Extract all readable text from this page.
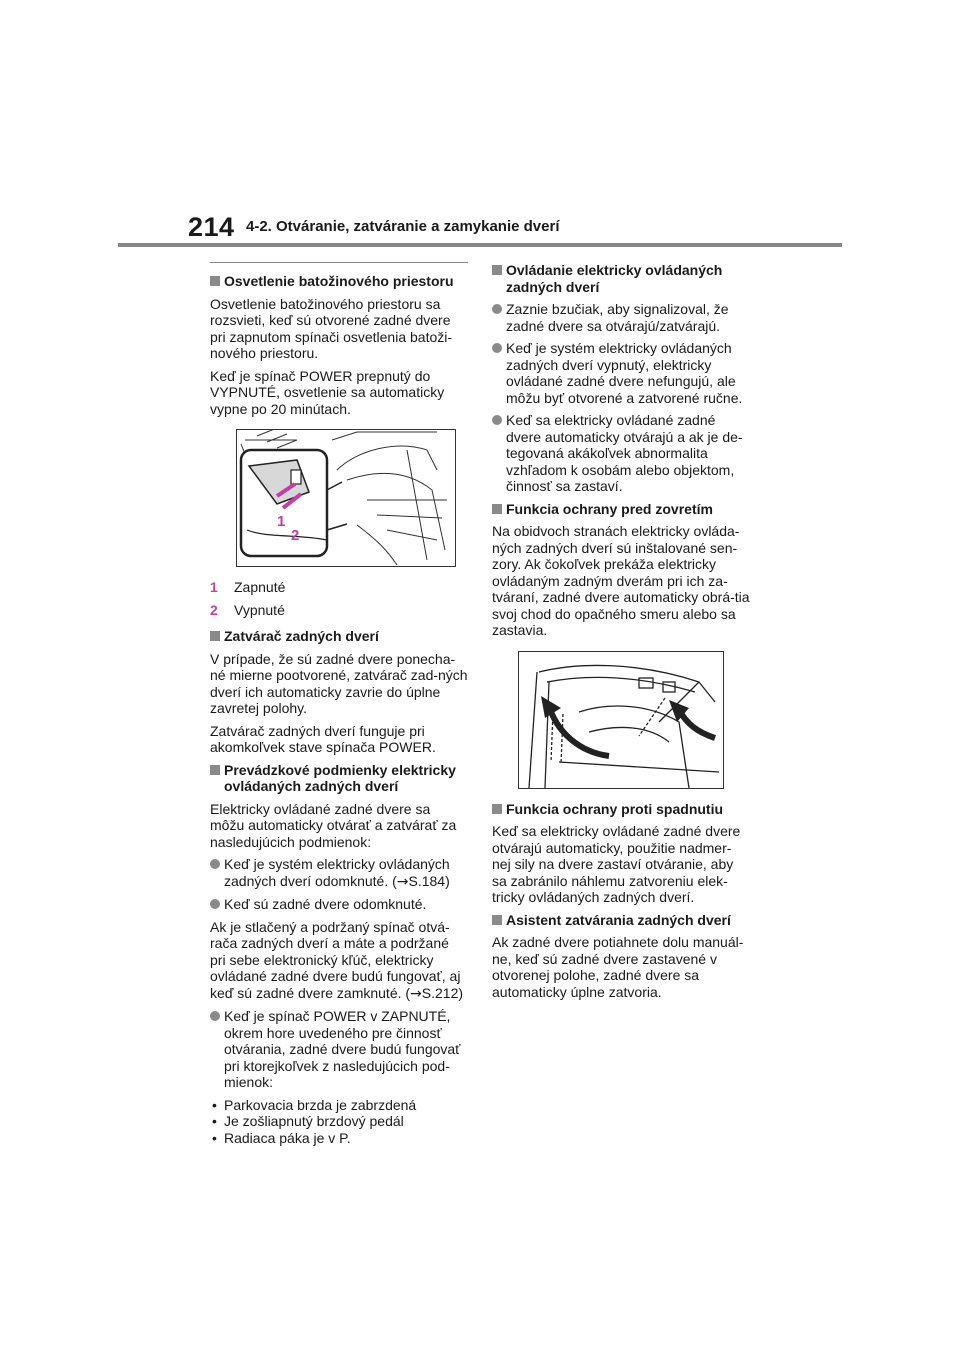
214 4-2. Otváranie, zatváranie a zamykanie dverí
Osvetlenie batožinového priestoru

Osvetlenie batožinového priestoru sa rozsvieti, keď sú otvorené zadné dvere pri zapnutom spínači osvetlenia batoži-nového priestoru.

Keď je spínač POWER prepnutý do VYPNUTÉ, osvetlenie sa automaticky vypne po 20 minútach.

1
2
1	Zapnuté
2	Vypnuté
Zatvárač zadných dverí

V prípade, že sú zadné dvere ponecha-né mierne pootvorené, zatvárač zad-ných dverí ich automaticky zavrie do úplne zavretej polohy.

Zatvárač zadných dverí funguje pri akomkoľvek stave spínača POWER.

Prevádzkové podmienky elektricky ovládaných zadných dverí

Elektricky ovládané zadné dvere sa môžu automaticky otvárať a zatvárať za nasledujúcich podmienok:

Keď je systém elektricky ovládaných zadných dverí odomknuté. (→S.184)
Keď sú zadné dvere odomknuté.

Ak je stlačený a podržaný spínač otvá-rača zadných dverí a máte a podržané pri sebe elektronický kľúč, elektricky ovládané zadné dvere budú fungovať, aj keď sú zadné dvere zamknuté. (→S.212)

Keď je spínač POWER v ZAPNUTÉ, okrem hore uvedeného pre činnosť otvárania, zadné dvere budú fungovať pri ktorejkoľvek z nasledujúcich pod-mienok:
• Parkovacia brzda je zabrzdená
• Je zošliapnutý brzdový pedál
• Radiaca páka je v P.
Ovládanie elektricky ovládaných zadných dverí
Zaznie bzučiak, aby signalizoval, že zadné dvere sa otvárajú/zatvárajú.
Keď je systém elektricky ovládaných zadných dverí vypnutý, elektricky ovládané zadné dvere nefungujú, ale môžu byť otvorené a zatvorené ručne.
Keď sa elektricky ovládané zadné dvere automaticky otvárajú a ak je de-tegovaná akákoľvek abnormalita vzhľadom k osobám alebo objektom, činnosť sa zastaví.
Funkcia ochrany pred zovretím

Na obidvoch stranách elektricky ovláda-ných zadných dverí sú inštalované sen-zory. Ak čokoľvek prekáža elektricky ovládaným zadným dverám pri ich za-tváraní, zadné dvere automaticky obrá-tia svoj chod do opačného smeru alebo sa zastavia.

Funkcia ochrany proti spadnutiu

Keď sa elektricky ovládané zadné dvere otvárajú automaticky, použitie nadmer-nej sily na dvere zastaví otváranie, aby sa zabránilo náhlemu zatvoreniu elek-tricky ovládaných zadných dverí.

Asistent zatvárania zadných dverí

Ak zadné dvere potiahnete dolu manuál-ne, keď sú zadné dvere zastavené v otvorenej polohe, zadné dvere sa automaticky úplne zatvoria.
